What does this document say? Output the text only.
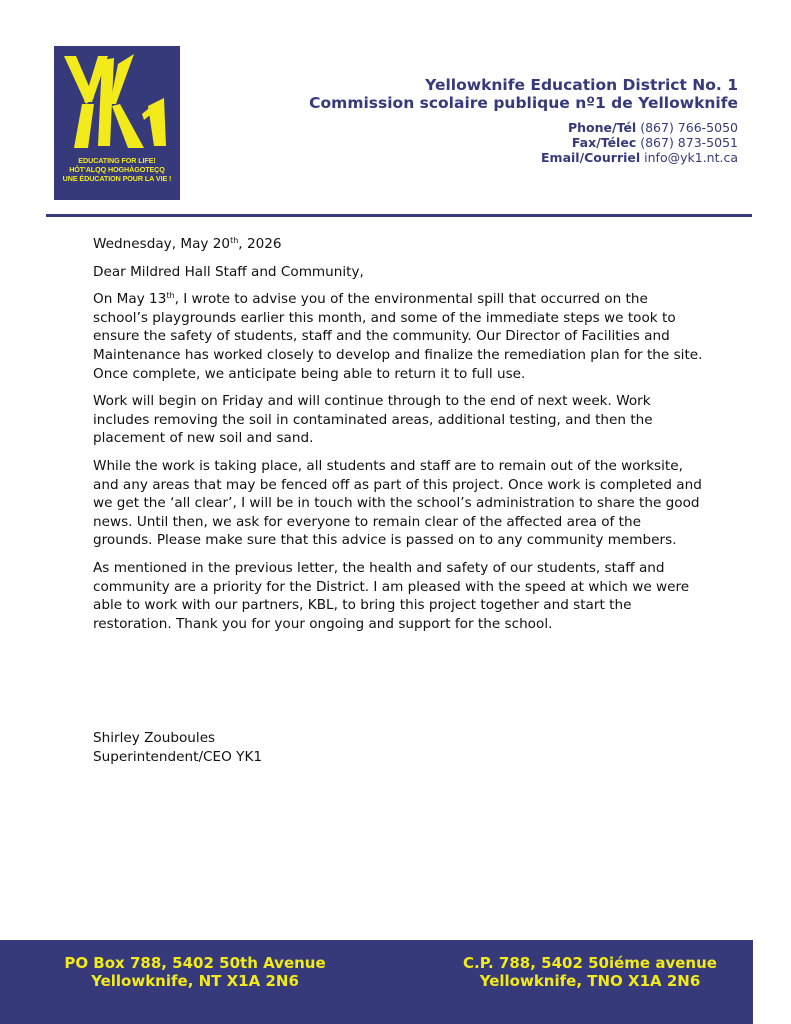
EDUCATING FOR LIFE!
HÒT'ALQQ HOGHÀGOTEÇQ
UNE ÉDUCATION POUR LA VIE !
Yellowknife Education District No. 1
Commission scolaire publique nº1 de Yellowknife
Phone/Tél (867) 766-5050
Fax/Télec (867) 873-5051
Email/Courriel info@yk1.nt.ca

Wednesday, May 20th, 2026

Dear Mildred Hall Staff and Community,

On May 13th, I wrote to advise you of the environmental spill that occurred on the school’s playgrounds earlier this month, and some of the immediate steps we took to ensure the safety of students, staff and the community. Our Director of Facilities and Maintenance has worked closely to develop and finalize the remediation plan for the site. Once complete, we anticipate being able to return it to full use.

Work will begin on Friday and will continue through to the end of next week. Work includes removing the soil in contaminated areas, additional testing, and then the placement of new soil and sand.

While the work is taking place, all students and staff are to remain out of the worksite, and any areas that may be fenced off as part of this project. Once work is completed and we get the ‘all clear’, I will be in touch with the school’s administration to share the good news. Until then, we ask for everyone to remain clear of the affected area of the grounds. Please make sure that this advice is passed on to any community members.

As mentioned in the previous letter, the health and safety of our students, staff and community are a priority for the District. I am pleased with the speed at which we were able to work with our partners, KBL, to bring this project together and start the restoration. Thank you for your ongoing and support for the school.

Shirley Zouboules
Superintendent/CEO YK1
PO Box 788, 5402 50th Avenue
Yellowknife, NT X1A 2N6
C.P. 788, 5402 50iéme avenue
Yellowknife, TNO X1A 2N6
